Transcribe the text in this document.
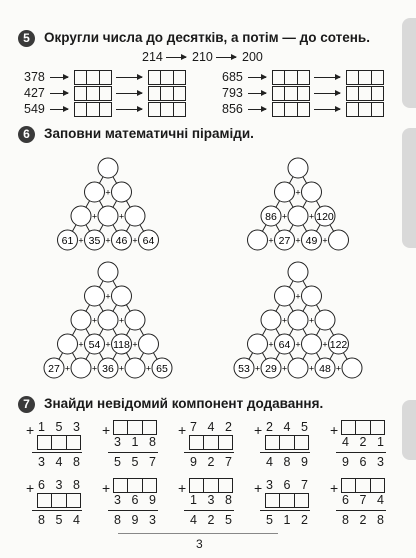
5	Округли числа до десятків, а потім — до сотень.
214 210 200
378
427
549
685
793
856
6	Заповни математичні піраміди.
+
+ +
+ + +
61 35 46 64
+
+ +
+ + +
86	120
27 49
+
+ +
+ + +
+ + + +
54 118
27	36	65
+
+ +
+ + +
+ + + +
64	122
53 29	48
7	Знайди невідомий компонент додавання.
+ 1 5 3
3 4 8
+
3 1 8
5 5 7
+ 7 4 2
9 2 7
+ 2 4 5
4 8 9
+
4 2 1
9 6 3
+ 6 3 8
8 5 4
+
3 6 9
8 9 3
+
1 3 8
4 2 5
+ 3 6 7
5 1 2
+
6 7 4
8 2 8
3
